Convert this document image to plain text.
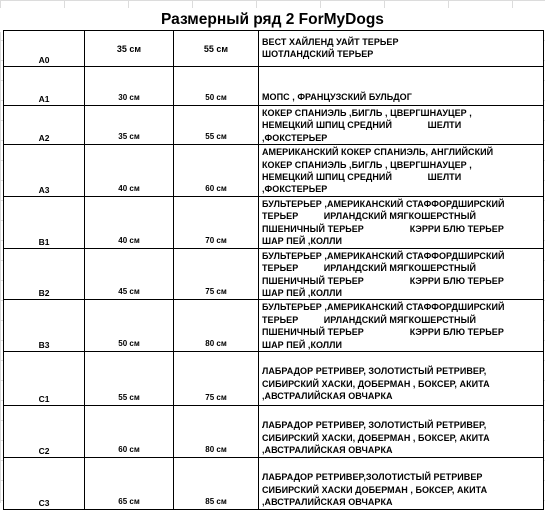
Размерный ряд 2 ForMyDogs
A0	35 см	55 см	ВЕСТ ХАЙЛЕНД УАЙТ ТЕРЬЕР
ШОТЛАНДСКИЙ ТЕРЬЕР
A1	30 см	50 см	МОПС , ФРАНЦУЗСКИЙ БУЛЬДОГ
A2	35 см	55 см	КОКЕР СПАНИЭЛЬ ,БИГЛЬ , ЦВЕРГШНАУЦЕР ,
НЕМЕЦКИЙ ШПИЦ СРЕДНИЙ              ШЕЛТИ
,ФОКСТЕРЬЕР
A3	40 см	60 см	АМЕРИКАНСКИЙ КОКЕР СПАНИЭЛЬ, АНГЛИЙСКИЙ
КОКЕР СПАНИЭЛЬ ,БИГЛЬ , ЦВЕРГШНАУЦЕР ,
НЕМЕЦКИЙ ШПИЦ СРЕДНИЙ              ШЕЛТИ
,ФОКСТЕРЬЕР
B1	40 см	70 см	БУЛЬТЕРЬЕР ,АМЕРИКАНСКИЙ СТАФФОРДШИРСКИЙ
ТЕРЬЕР          ИРЛАНДСКИЙ МЯГКОШЕРСТНЫЙ
ПШЕНИЧНЫЙ ТЕРЬЕР                  КЭРРИ БЛЮ ТЕРЬЕР
ШАР ПЕЙ ,КОЛЛИ
B2	45 см	75 см	БУЛЬТЕРЬЕР ,АМЕРИКАНСКИЙ СТАФФОРДШИРСКИЙ
ТЕРЬЕР          ИРЛАНДСКИЙ МЯГКОШЕРСТНЫЙ
ПШЕНИЧНЫЙ ТЕРЬЕР                  КЭРРИ БЛЮ ТЕРЬЕР
ШАР ПЕЙ ,КОЛЛИ
B3	50 см	80 см	БУЛЬТЕРЬЕР ,АМЕРИКАНСКИЙ СТАФФОРДШИРСКИЙ
ТЕРЬЕР          ИРЛАНДСКИЙ МЯГКОШЕРСТНЫЙ
ПШЕНИЧНЫЙ ТЕРЬЕР                  КЭРРИ БЛЮ ТЕРЬЕР
ШАР ПЕЙ ,КОЛЛИ
C1	55 см	75 см	ЛАБРАДОР РЕТРИВЕР, ЗОЛОТИСТЫЙ РЕТРИВЕР,
СИБИРСКИЙ ХАСКИ, ДОБЕРМАН , БОКСЕР, АКИТА
,АВСТРАЛИЙСКАЯ ОВЧАРКА
C2	60 см	80 см	ЛАБРАДОР РЕТРИВЕР, ЗОЛОТИСТЫЙ РЕТРИВЕР,
СИБИРСКИЙ ХАСКИ, ДОБЕРМАН , БОКСЕР, АКИТА
,АВСТРАЛИЙСКАЯ ОВЧАРКА
C3	65 см	85 см	ЛАБРАДОР РЕТРИВЕР,ЗОЛОТИСТЫЙ РЕТРИВЕР
СИБИРСКИЙ ХАСКИ ДОБЕРМАН , БОКСЕР, АКИТА
,АВСТРАЛИЙСКАЯ ОВЧАРКА
